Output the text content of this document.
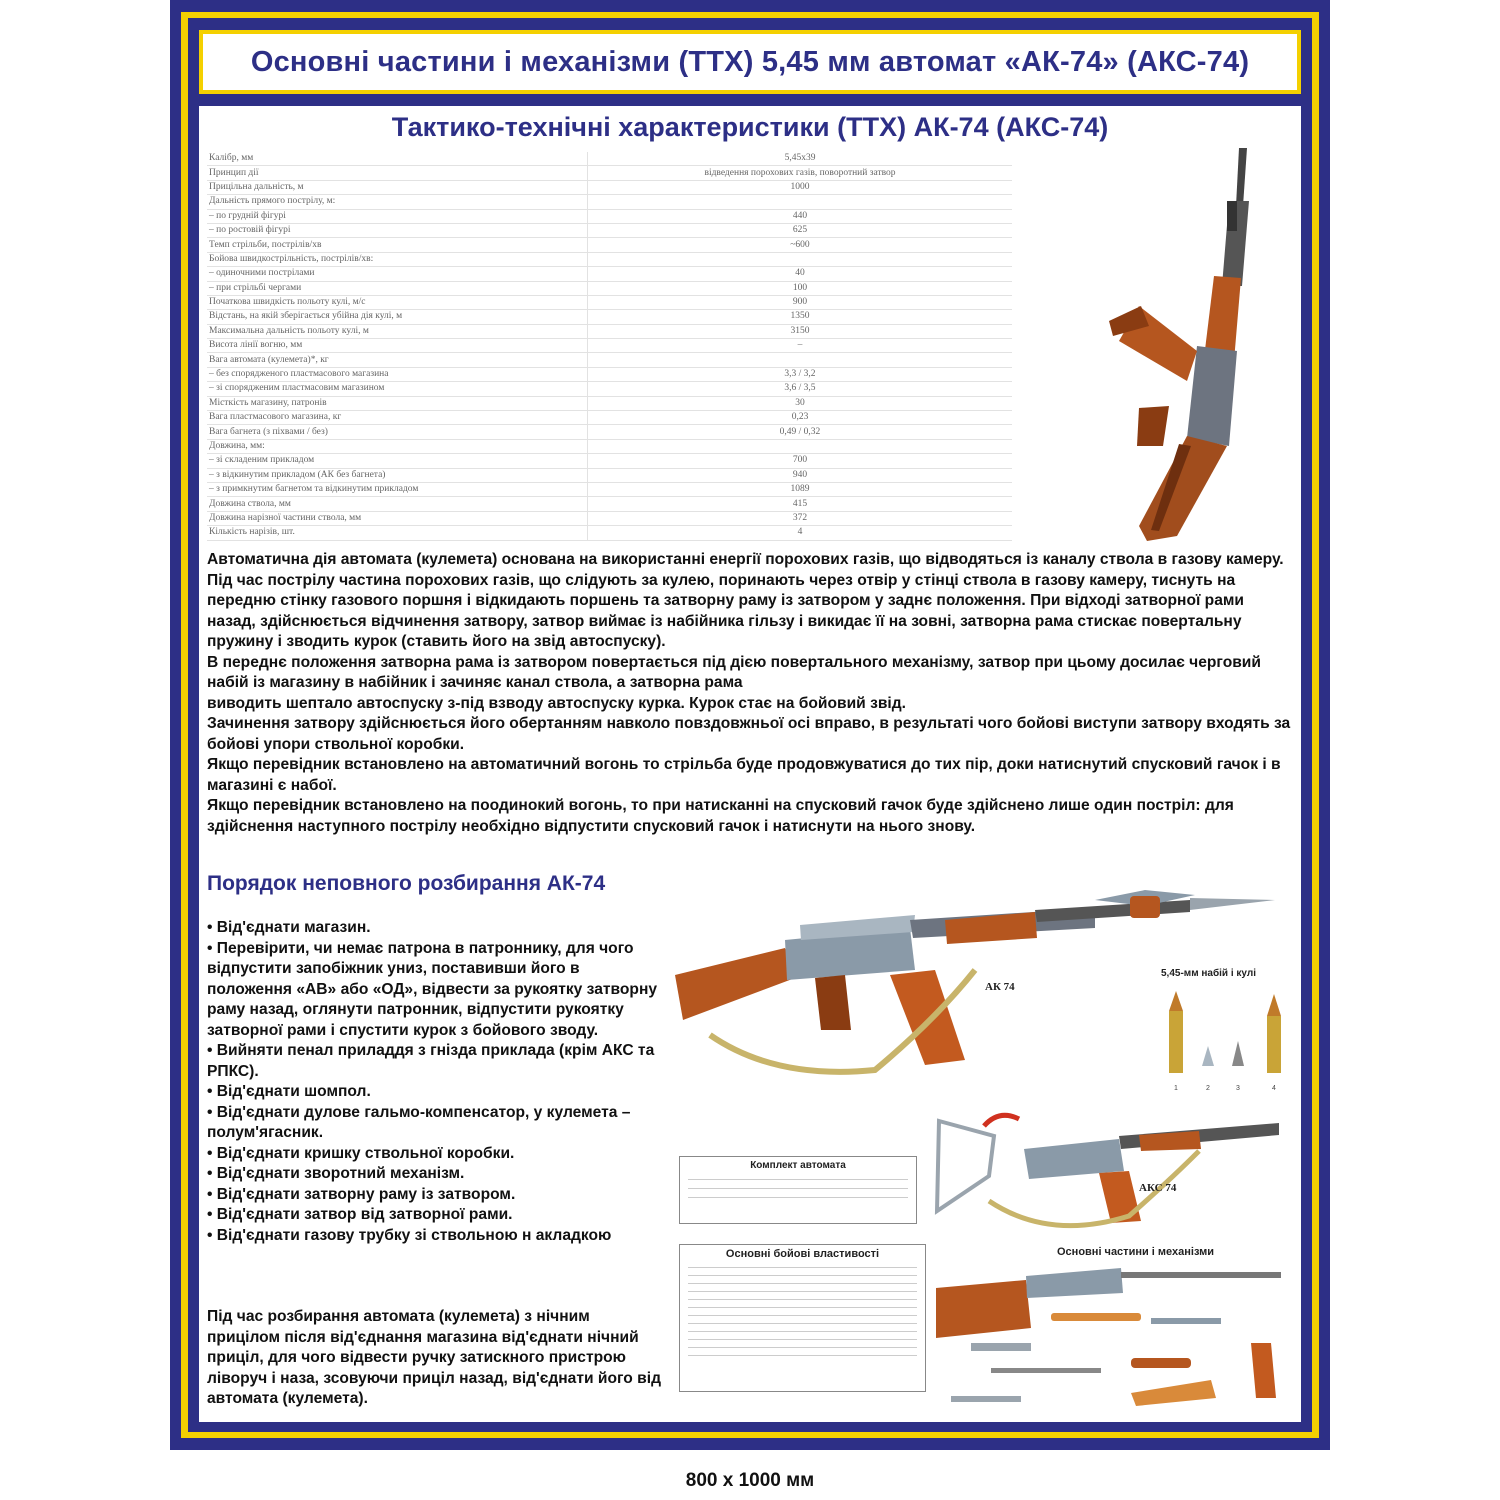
Основні частини і механізми (ТТХ) 5,45 мм автомат «АК-74» (АКС-74)
Тактико-технічні характеристики (ТТХ) АК-74 (АКС-74)
Калібр, мм	5,45х39
Принцип дії	відведення порохових газів, поворотний затвор
Прицільна дальність, м	1000
Дальність прямого пострілу, м:	
– по грудній фігурі	440
– по ростовій фігурі	625
Темп стрільби, пострілів/хв	~600
Бойова швидкострільність, пострілів/хв:	
– одиночними пострілами	40
– при стрільбі чергами	100
Початкова швидкість польоту кулі, м/с	900
Відстань, на якій зберігається убійна дія кулі, м	1350
Максимальна дальність польоту кулі, м	3150
Висота лінії вогню, мм	–
Вага автомата (кулемета)*, кг	
– без спорядженого пластмасового магазина	3,3 / 3,2
– зі спорядженим пластмасовим магазином	3,6 / 3,5
Місткість магазину, патронів	30
Вага пластмасового магазина, кг	0,23
Вага багнета (з піхвами / без)	0,49 / 0,32
Довжина, мм:	
– зі складеним прикладом	700
– з відкинутим прикладом (АК без багнета)	940
– з примкнутим багнетом та відкинутим прикладом	1089
Довжина ствола, мм	415
Довжина нарізної частини ствола, мм	372
Кількість нарізів, шт.	4

Автоматична дія автомата (кулемета) основана на використанні енергії порохових газів, що відводяться із каналу ствола в газову камеру.

Під час пострілу частина порохових газів, що слідують за кулею, поринають через отвір у стінці ствола в газову камеру, тиснуть на передню стінку газового поршня і відкидають поршень та затворну раму із затвором у заднє положення. При відході затворної рами назад, здійснюється відчинення затвору, затвор виймає із набійника гільзу і викидає її на зовні, затворна рама стискає повертальну пружину і зводить курок (ставить його на звід автоспуску).

В переднє положення затворна рама із затвором повертається під дією повертального механізму, затвор при цьому досилає черговий набій із магазину в набійник і зачиняє канал ствола, а затворна рама

виводить шептало автоспуску з-під взводу автоспуску курка. Курок стає на бойовий звід.

Зачинення затвору здійснюється його обертанням навколо повздовжньої осі вправо, в результаті чого бойові виступи затвору входять за бойові упори ствольної коробки.

Якщо перевідник встановлено на автоматичний вогонь то стрільба буде продовжуватися до тих пір, доки натиснутий спусковий гачок і в магазині є набої.

Якщо перевідник встановлено на поодинокий вогонь, то при натисканні на спусковий гачок буде здійснено лише один постріл: для здійснення наступного пострілу необхідно відпустити спусковий гачок і натиснути на нього знову.

Порядок неповного розбирання АК-74

• Від'єднати магазин.

• Перевірити, чи немає патрона в патроннику, для чого відпустити запобіжник униз, поставивши його в положення «АВ» або «ОД», відвести за рукоятку затворну раму назад, оглянути патронник, відпустити рукоятку затворної рами і спустити курок з бойового зводу.

• Вийняти пенал приладдя з гнізда приклада (крім АКС та РПКС).

• Від'єднати шомпол.

• Від'єднати дулове гальмо-компенсатор, у кулемета – полум'ягасник.

• Від'єднати кришку ствольної коробки.

• Від'єднати зворотний механізм.

• Від'єднати затворну раму із затвором.

• Від'єднати затвор від затворної рами.

• Від'єднати газову трубку зі ствольною н акладкою

Під час розбирання автомата (кулемета) з нічним прицілом після від'єднання магазина від'єднати нічний приціл, для чого відвести ручку затискного пристрою ліворуч і наза, зсовуючи приціл назад, від'єднати його від автомата (кулемета).

АК 74
5,45-мм набій і кулі
1	2	3	4
АКС 74
Комплект автомата
Основні бойові властивості	Основні частини і механізми
800 x 1000 мм
